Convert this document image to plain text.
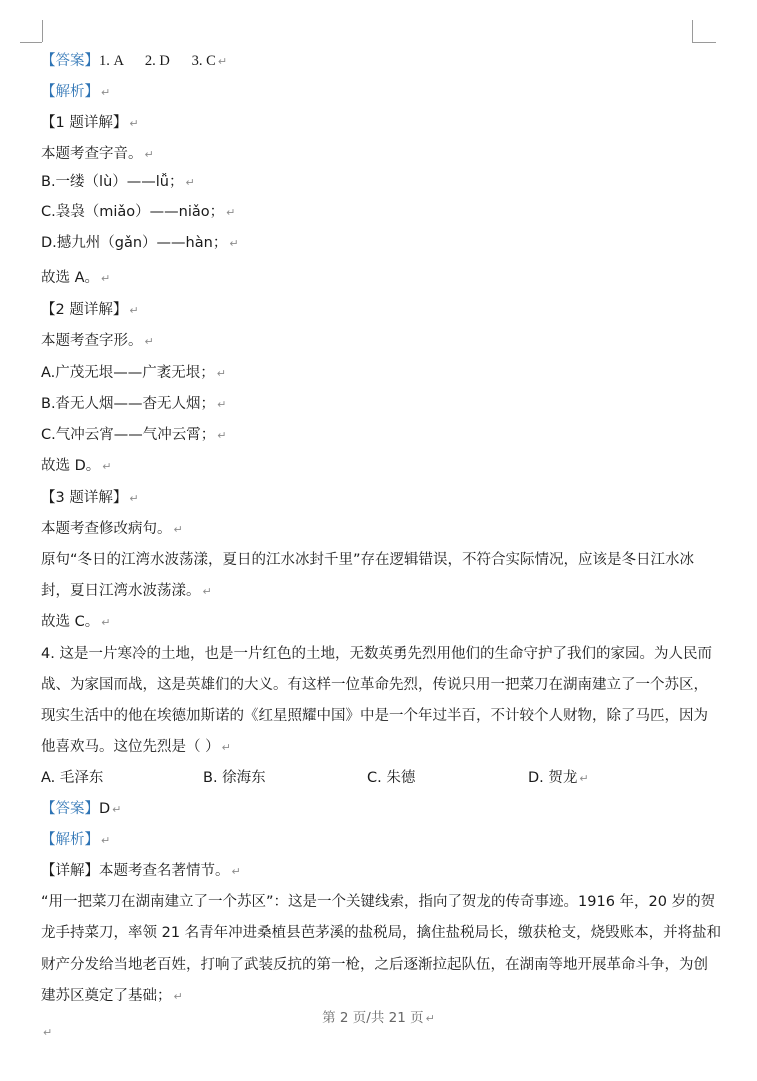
【答案】1. A      2. D      3. C ↵
【解析】 ↵
【1 题详解】 ↵
本题考查字音。 ↵
B.一缕（lù）——lǚ； ↵
C.袅袅（miǎo）——niǎo； ↵
D.撼九州（gǎn）——hàn； ↵
故选 A。 ↵
【2 题详解】 ↵
本题考查字形。 ↵
A.广茂无垠——广袤无垠； ↵
B.沓无人烟——杳无人烟； ↵
C.气冲云宵——气冲云霄； ↵
故选 D。 ↵
【3 题详解】 ↵
本题考查修改病句。 ↵
原句“冬日的江湾水波荡漾，夏日的江水冰封千里”存在逻辑错误，不符合实际情况，应该是冬日江水冰
封，夏日江湾水波荡漾。 ↵
故选 C。 ↵
4. 这是一片寒冷的土地，也是一片红色的土地，无数英勇先烈用他们的生命守护了我们的家园。为人民而
战、为家国而战，这是英雄们的大义。有这样一位革命先烈，传说只用一把菜刀在湖南建立了一个苏区，
现实生活中的他在埃德加斯诺的《红星照耀中国》中是一个年过半百，不计较个人财物，除了马匹，因为
他喜欢马。这位先烈是（ ） ↵
A. 毛泽东	B. 徐海东	C. 朱德	D. 贺龙 ↵
【答案】D ↵
【解析】 ↵
【详解】本题考查名著情节。 ↵
“用一把菜刀在湖南建立了一个苏区”：这是一个关键线索，指向了贺龙的传奇事迹。1916 年，20 岁的贺
龙手持菜刀，率领 21 名青年冲进桑植县芭茅溪的盐税局，擒住盐税局长，缴获枪支，烧毁账本，并将盐和
财产分发给当地老百姓，打响了武装反抗的第一枪，之后逐渐拉起队伍，在湖南等地开展革命斗争，为创
建苏区奠定了基础； ↵
第 2 页/共 21 页 ↵
↵
